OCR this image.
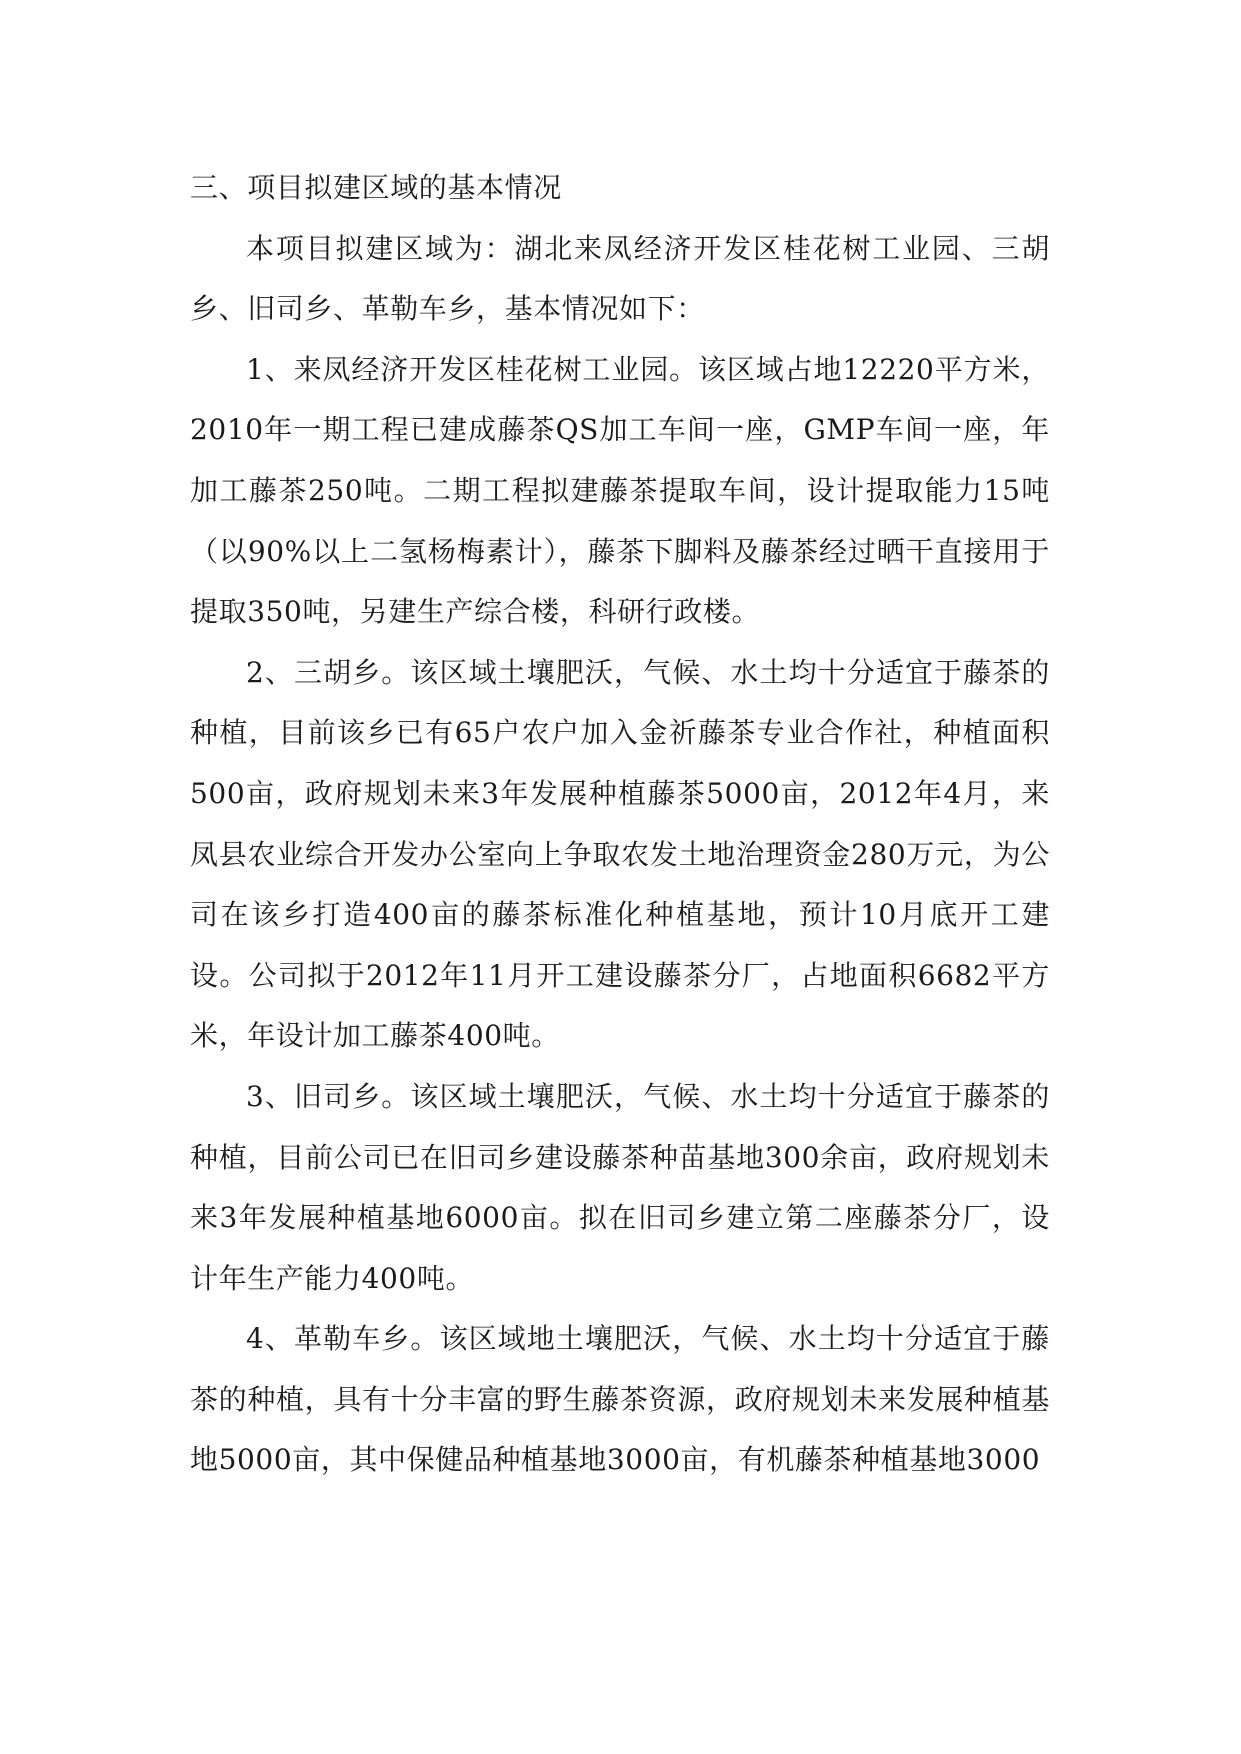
三、项目拟建区域的基本情况

本项目拟建区域为：湖北来凤经济开发区桂花树工业园、三胡乡、旧司乡、革勒车乡，基本情况如下：

1、来凤经济开发区桂花树工业园。该区域占地12220平方米，2010年一期工程已建成藤茶QS加工车间一座，GMP车间一座，年加工藤茶250吨。二期工程拟建藤茶提取车间，设计提取能力15吨（以90%以上二氢杨梅素计），藤茶下脚料及藤茶经过晒干直接用于提取350吨，另建生产综合楼，科研行政楼。

2、三胡乡。该区域土壤肥沃，气候、水土均十分适宜于藤茶的种植，目前该乡已有65户农户加入金祈藤茶专业合作社，种植面积500亩，政府规划未来3年发展种植藤茶5000亩，2012年4月，来凤县农业综合开发办公室向上争取农发土地治理资金280万元，为公司在该乡打造400亩的藤茶标准化种植基地，预计10月底开工建设。公司拟于2012年11月开工建设藤茶分厂，占地面积6682平方米，年设计加工藤茶400吨。

3、旧司乡。该区域土壤肥沃，气候、水土均十分适宜于藤茶的种植，目前公司已在旧司乡建设藤茶种苗基地300余亩，政府规划未来3年发展种植基地6000亩。拟在旧司乡建立第二座藤茶分厂，设计年生产能力400吨。

4、革勒车乡。该区域地土壤肥沃，气候、水土均十分适宜于藤茶的种植，具有十分丰富的野生藤茶资源，政府规划未来发展种植基地5000亩，其中保健品种植基地3000亩，有机藤茶种植基地3000
